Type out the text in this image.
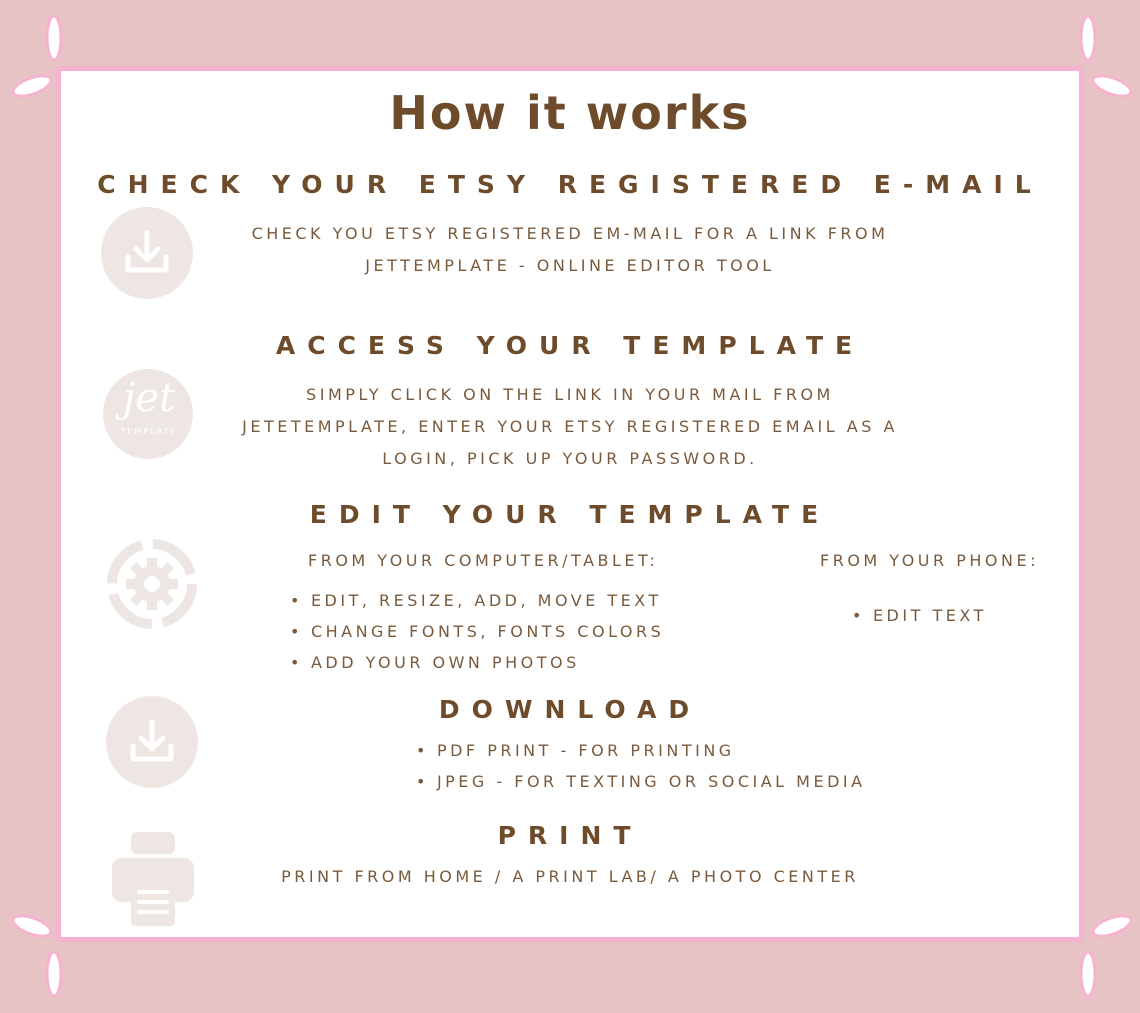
How it works
CHECK YOUR ETSY REGISTERED E-MAIL
CHECK YOU ETSY REGISTERED EM-MAIL FOR A LINK FROM
JETTEMPLATE - ONLINE EDITOR TOOL
ACCESS YOUR TEMPLATE
jet
TEMPLATE
SIMPLY CLICK ON THE LINK IN YOUR MAIL FROM
JETETEMPLATE, ENTER YOUR ETSY REGISTERED EMAIL AS A
LOGIN, PICK UP YOUR PASSWORD.
EDIT YOUR TEMPLATE
FROM YOUR COMPUTER/TABLET:	FROM YOUR PHONE:
• EDIT, RESIZE, ADD, MOVE TEXT
• CHANGE FONTS, FONTS COLORS
• ADD YOUR OWN PHOTOS
• EDIT TEXT
DOWNLOAD
• PDF PRINT - FOR PRINTING
• JPEG - FOR TEXTING OR SOCIAL MEDIA
PRINT
PRINT FROM HOME / A PRINT LAB/ A PHOTO CENTER
